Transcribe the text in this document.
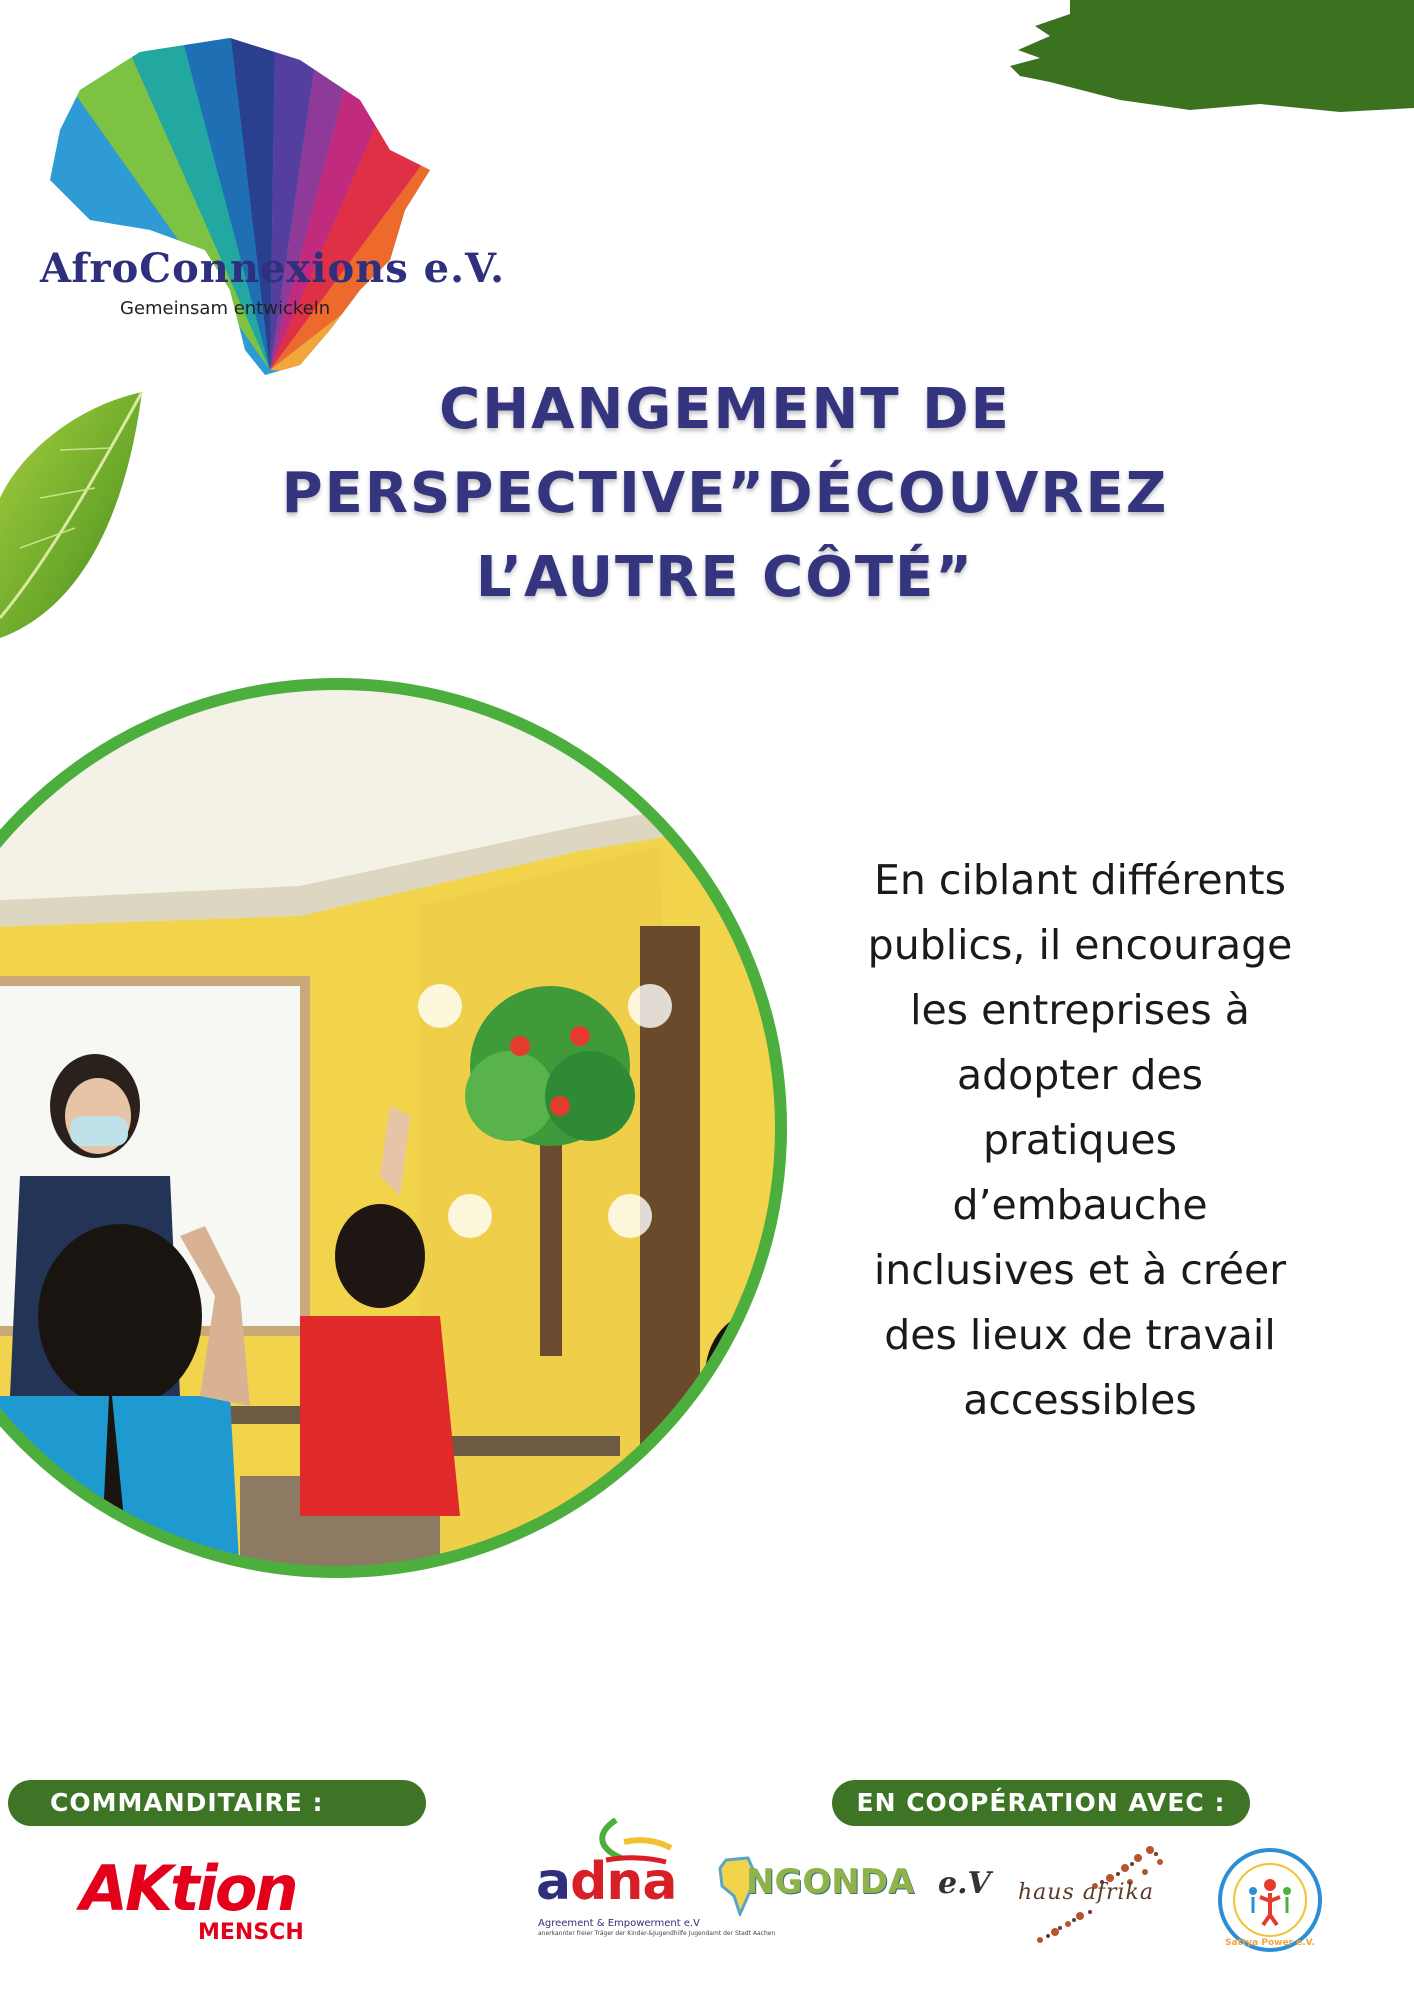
AfroConnexions e.V.
Gemeinsam entwickeln
CHANGEMENT DE
PERSPECTIVE”DÉCOUVREZ
L’AUTRE CÔTÉ”
En ciblant différents
publics, il encourage
les entreprises à
adopter des
pratiques
d’embauche
inclusives et à créer
des lieux de travail
accessibles
COMMANDITAIRE :	EN COOPÉRATION AVEC :
AKtion
MENSCH
adna
Agreement & Empowerment e.V
anerkannter freier Träger der Kinder-&Jugendhilfe Jugendamt der Stadt Aachen
NGONDA e.V haus afrika
Sattya Power e.V.
